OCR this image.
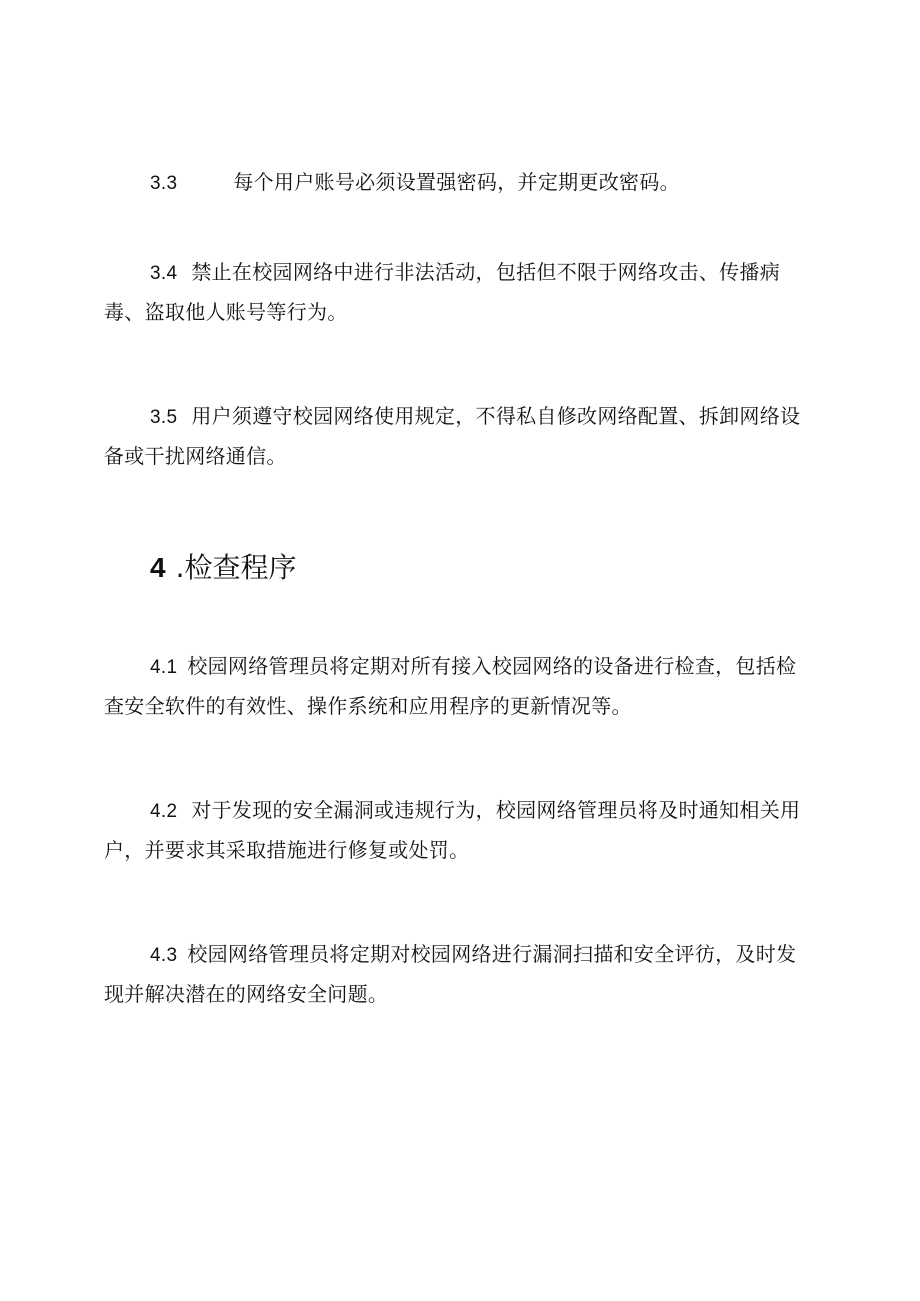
3.3	每个用户账号必须设置强密码，并定期更改密码。

3.4 禁止在校园网络中进行非法活动，包括但不限于网络攻击、传播病毒、盗取他人账号等行为。

3.5 用户须遵守校园网络使用规定，不得私自修改网络配置、拆卸网络设备或干扰网络通信。

4 .检查程序

4.1 校园网络管理员将定期对所有接入校园网络的设备进行检查，包括检查安全软件的有效性、操作系统和应用程序的更新情况等。

4.2 对于发现的安全漏洞或违规行为，校园网络管理员将及时通知相关用户，并要求其采取措施进行修复或处罚。

4.3 校园网络管理员将定期对校园网络进行漏洞扫描和安全评彷，及时发现并解决潜在的网络安全问题。
